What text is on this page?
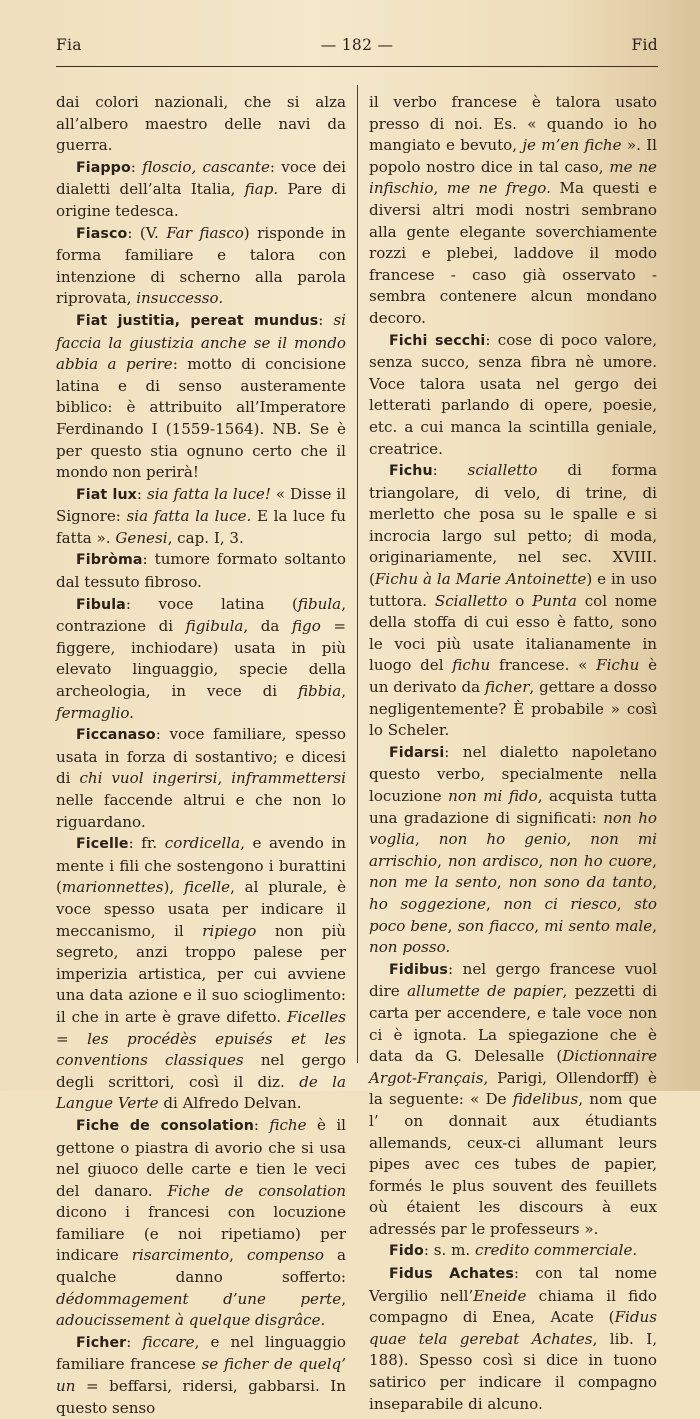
Fia	— 182 —	Fid

dai colori nazionali, che si alza all’albero maestro delle navi da guerra.

Fiappo: floscio, cascante: voce dei dialetti dell’alta Italia, fiap. Pare di origine tedesca.

Fiasco: (V. Far fiasco) risponde in forma familiare e talora con intenzione di scherno alla parola riprovata, insuccesso.

Fiat justitia, pereat mundus: si faccia la giustizia anche se il mondo abbia a perire: motto di concisione latina e di senso austeramente biblico: è attribuito all’Imperatore Ferdinando I (1559-1564). NB. Se è per questo stia ognuno certo che il mondo non perirà!

Fiat lux: sia fatta la luce! « Disse il Signore: sia fatta la luce. E la luce fu fatta ». Genesi, cap. I, 3.

Fibròma: tumore formato soltanto dal tessuto fibroso.

Fibula: voce latina (fibula, contrazione di figibula, da figo = figgere, inchiodare) usata in più elevato linguaggio, specie della archeologia, in vece di fibbia, fermaglio.

Ficcanaso: voce familiare, spesso usata in forza di sostantivo; e dicesi di chi vuol ingerirsi, inframmettersi nelle faccende altrui e che non lo riguardano.

Ficelle: fr. cordicella, e avendo in mente i fili che sostengono i burattini (marionnettes), ficelle, al plurale, è voce spesso usata per indicare il meccanismo, il ripiego non più segreto, anzi troppo palese per imperizia artistica, per cui avviene una data azione e il suo scioglimento: il che in arte è grave difetto. Ficelles = les procédès epuisés et les conventions classiques nel gergo degli scrittori, così il diz. de la Langue Verte di Alfredo Delvan.

Fiche de consolation: fiche è il gettone o piastra di avorio che si usa nel giuoco delle carte e tien le veci del danaro. Fiche de consolation dicono i francesi con locuzione familiare (e noi ripetiamo) per indicare risarcimento, compenso a qualche danno sofferto: dédommagement d’une perte, adoucissement à quelque disgrâce.

Ficher: ficcare, e nel linguaggio familiare francese se ficher de quelq’ un = beffarsi, ridersi, gabbarsi. In questo senso

il verbo francese è talora usato presso di noi. Es. « quando io ho mangiato e bevuto, je m’en fiche ». Il popolo nostro dice in tal caso, me ne infischio, me ne frego. Ma questi e diversi altri modi nostri sembrano alla gente elegante soverchiamente rozzi e plebei, laddove il modo francese - caso già osservato - sembra contenere alcun mondano decoro.

Fichi secchi: cose di poco valore, senza succo, senza fibra nè umore. Voce talora usata nel gergo dei letterati parlando di opere, poesie, etc. a cui manca la scintilla geniale, creatrice.

Fichu: scialletto di forma triangolare, di velo, di trine, di merletto che posa su le spalle e si incrocia largo sul petto; di moda, originariamente, nel sec. XVIII. (Fichu à la Marie Antoinette) e in uso tuttora. Scialletto o Punta col nome della stoffa di cui esso è fatto, sono le voci più usate italianamente in luogo del fichu francese. « Fichu è un derivato da ficher, gettare a dosso negligentemente? È probabile » così lo Scheler.

Fidarsi: nel dialetto napoletano questo verbo, specialmente nella locuzione non mi fido, acquista tutta una gradazione di significati: non ho voglia, non ho genio, non mi arrischio, non ardisco, non ho cuore, non me la sento, non sono da tanto, ho soggezione, non ci riesco, sto poco bene, son fiacco, mi sento male, non posso.

Fidibus: nel gergo francese vuol dire allumette de papier, pezzetti di carta per accendere, e tale voce non ci è ignota. La spiegazione che è data da G. Delesalle (Dictionnaire Argot-Français, Parigi, Ollendorff) è la seguente: « De fidelibus, nom que l’ on donnait aux étudiants allemands, ceux-ci allumant leurs pipes avec ces tubes de papier, formés le plus souvent des feuillets où étaient les discours à eux adressés par le professeurs ».

Fido: s. m. credito commerciale.

Fidus Achates: con tal nome Vergilio nell’Eneide chiama il fido compagno di Enea, Acate (Fidus quae tela gerebat Achates, lib. I, 188). Spesso così si dice in tuono satirico per indicare il compagno inseparabile di alcuno.
